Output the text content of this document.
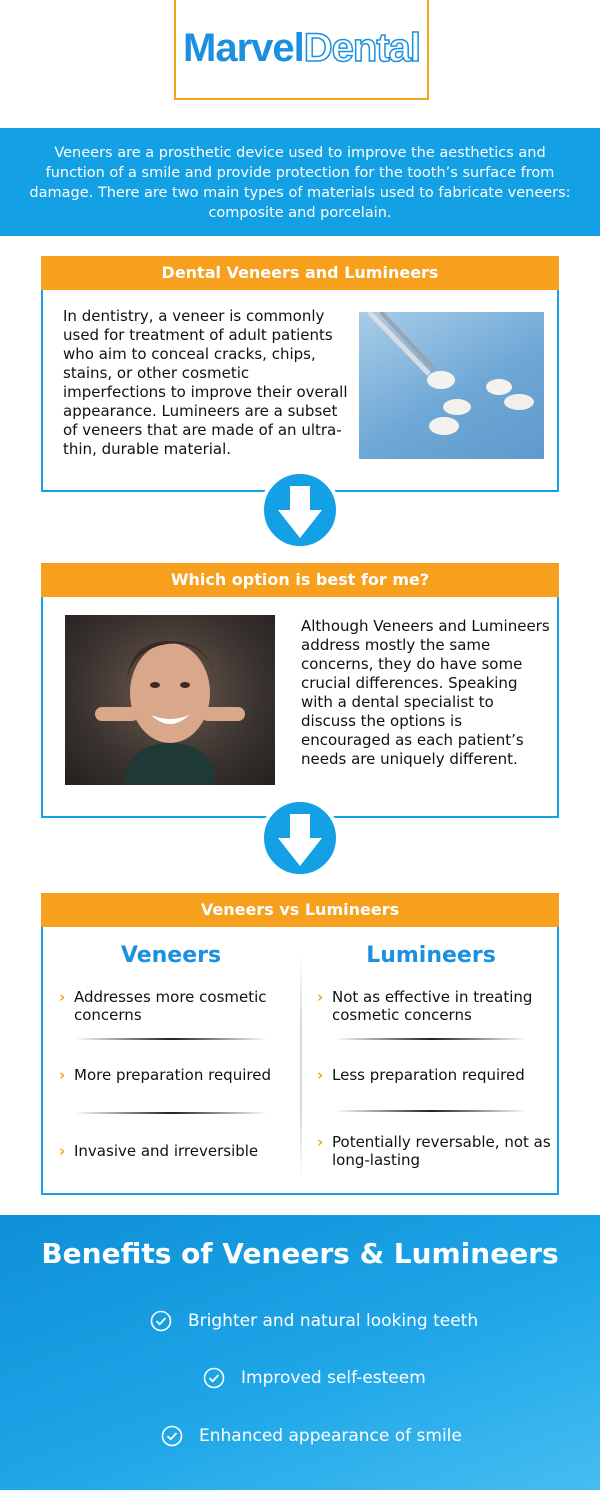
MarvelDental

Veneers are a prosthetic device used to improve the aesthetics and function of a smile and provide protection for the tooth’s surface from damage. There are two main types of materials used to fabricate veneers: composite and porcelain.

Dental Veneers and Lumineers

In dentistry, a veneer is commonly used for treatment of adult patients who aim to conceal cracks, chips, stains, or other cosmetic imperfections to improve their overall appearance. Lumineers are a subset of veneers that are made of an ultra-thin, durable material.

Which option is best for me?

Although Veneers and Lumineers address mostly the same concerns, they do have some crucial differences. Speaking with a dental specialist to discuss the options is encouraged as each patient’s needs are uniquely different.

Veneers vs Lumineers
Veneers	Lumineers
› Addresses more cosmetic concerns

› More preparation required

› Invasive and irreversible

› Not as effective in treating cosmetic concerns

› Less preparation required

› Potentially reversable, not as long-lasting

Benefits of Veneers & Lumineers
Brighter and natural looking teeth
Improved self-esteem
Enhanced appearance of smile
